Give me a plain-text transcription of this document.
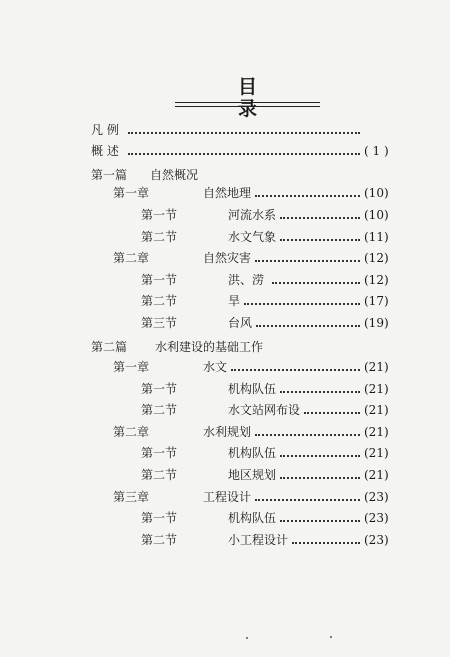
目 录
凡 例
概 述	( 1 )
第一篇 自然概况
第一章	自然地理	(10)
第一节	河流水系	(10)
第二节	水文气象	(11)
第二章	自然灾害	(12)
第一节	洪、涝	(12)
第二节	旱	(17)
第三节	台风	(19)
第二篇 水利建设的基础工作
第一章	水文	(21)
第一节	机构队伍	(21)
第二节	水文站网布设	(21)
第二章	水利规划	(21)
第一节	机构队伍	(21)
第二节	地区规划	(21)
第三章	工程设计	(23)
第一节	机构队伍	(23)
第二节	小工程设计	(23)
